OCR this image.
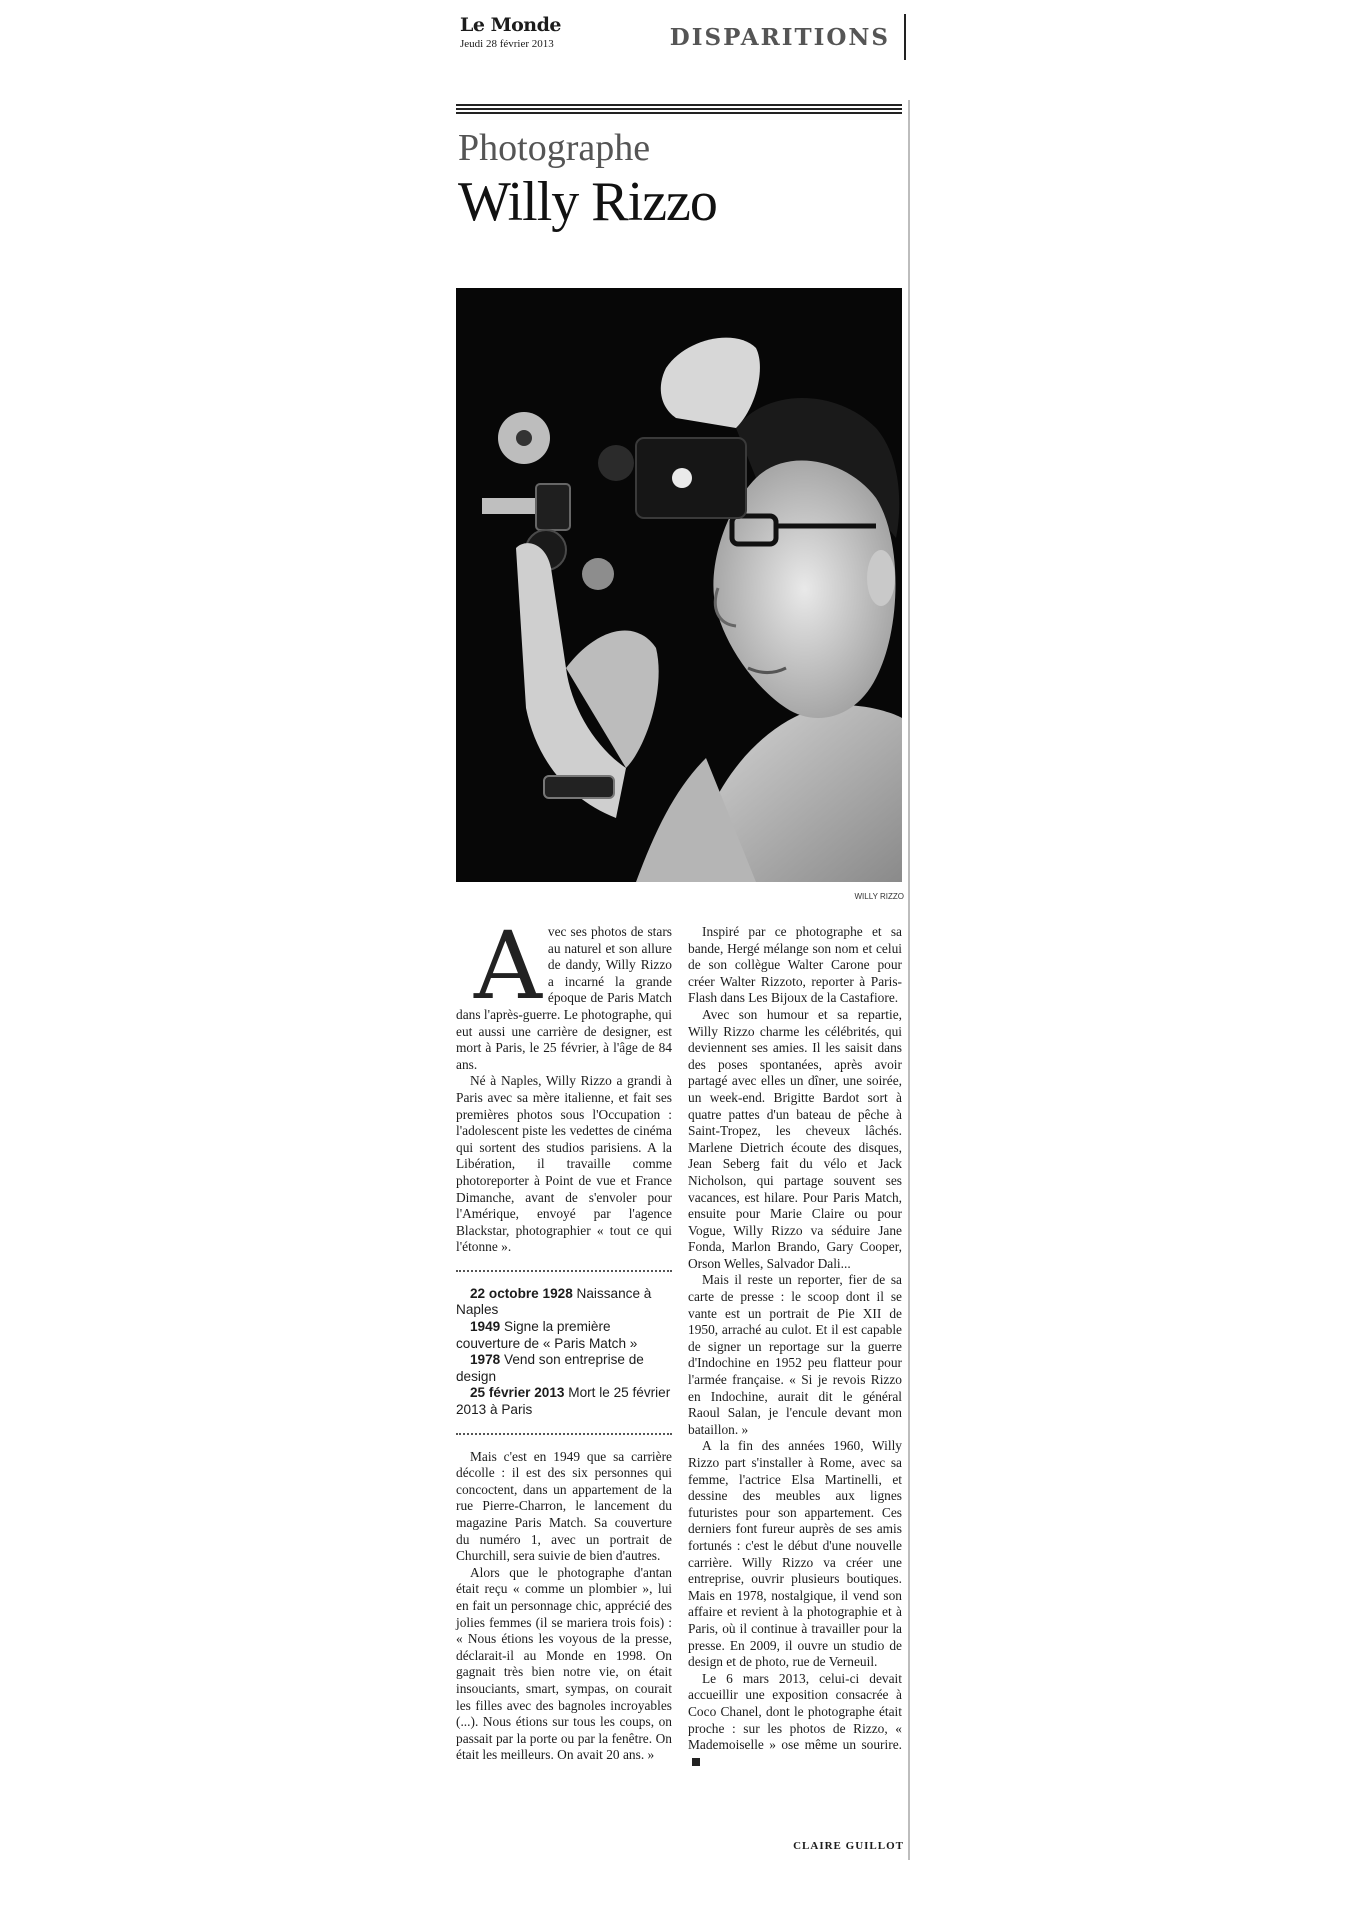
Le Monde
Jeudi 28 février 2013	DISPARITIONS
Photographe
Willy Rizzo
WILLY RIZZO

Avec ses photos de stars au naturel et son allure de dandy, Willy Rizzo a incarné la grande époque de Paris Match dans l'après-guerre. Le photographe, qui eut aussi une carrière de designer, est mort à Paris, le 25 février, à l'âge de 84 ans.

Né à Naples, Willy Rizzo a grandi à Paris avec sa mère italienne, et fait ses premières photos sous l'Occupation : l'adolescent piste les vedettes de cinéma qui sortent des studios parisiens. A la Libération, il travaille comme photoreporter à Point de vue et France Dimanche, avant de s'envoler pour l'Amérique, envoyé par l'agence Blackstar, photographier « tout ce qui l'étonne ».

22 octobre 1928 Naissance à Naples

1949 Signe la première couverture de « Paris Match »

1978 Vend son entreprise de design

25 février 2013 Mort le 25 février 2013 à Paris

Mais c'est en 1949 que sa carrière décolle : il est des six personnes qui concoctent, dans un appartement de la rue Pierre-Charron, le lancement du magazine Paris Match. Sa couverture du numéro 1, avec un portrait de Churchill, sera suivie de bien d'autres.

Alors que le photographe d'antan était reçu « comme un plombier », lui en fait un personnage chic, apprécié des jolies femmes (il se mariera trois fois) : « Nous étions les voyous de la presse, déclarait-il au Monde en 1998. On gagnait très bien notre vie, on était insouciants, smart, sympas, on courait les filles avec des bagnoles incroyables (...). Nous étions sur tous les coups, on passait par la porte ou par la fenêtre. On était les meilleurs. On avait 20 ans. »

Inspiré par ce photographe et sa bande, Hergé mélange son nom et celui de son collègue Walter Carone pour créer Walter Rizzoto, reporter à Paris-Flash dans Les Bijoux de la Castafiore.

Avec son humour et sa repartie, Willy Rizzo charme les célébrités, qui deviennent ses amies. Il les saisit dans des poses spontanées, après avoir partagé avec elles un dîner, une soirée, un week-end. Brigitte Bardot sort à quatre pattes d'un bateau de pêche à Saint-Tropez, les cheveux lâchés. Marlene Dietrich écoute des disques, Jean Seberg fait du vélo et Jack Nicholson, qui partage souvent ses vacances, est hilare. Pour Paris Match, ensuite pour Marie Claire ou pour Vogue, Willy Rizzo va séduire Jane Fonda, Marlon Brando, Gary Cooper, Orson Welles, Salvador Dali...

Mais il reste un reporter, fier de sa carte de presse : le scoop dont il se vante est un portrait de Pie XII de 1950, arraché au culot. Et il est capable de signer un reportage sur la guerre d'Indochine en 1952 peu flatteur pour l'armée française. « Si je revois Rizzo en Indochine, aurait dit le général Raoul Salan, je l'encule devant mon bataillon. »

A la fin des années 1960, Willy Rizzo part s'installer à Rome, avec sa femme, l'actrice Elsa Martinelli, et dessine des meubles aux lignes futuristes pour son appartement. Ces derniers font fureur auprès de ses amis fortunés : c'est le début d'une nouvelle carrière. Willy Rizzo va créer une entreprise, ouvrir plusieurs boutiques. Mais en 1978, nostalgique, il vend son affaire et revient à la photographie et à Paris, où il continue à travailler pour la presse. En 2009, il ouvre un studio de design et de photo, rue de Verneuil.

Le 6 mars 2013, celui-ci devait accueillir une exposition consacrée à Coco Chanel, dont le photographe était proche : sur les photos de Rizzo, « Mademoiselle » ose même un sourire.

CLAIRE GUILLOT
